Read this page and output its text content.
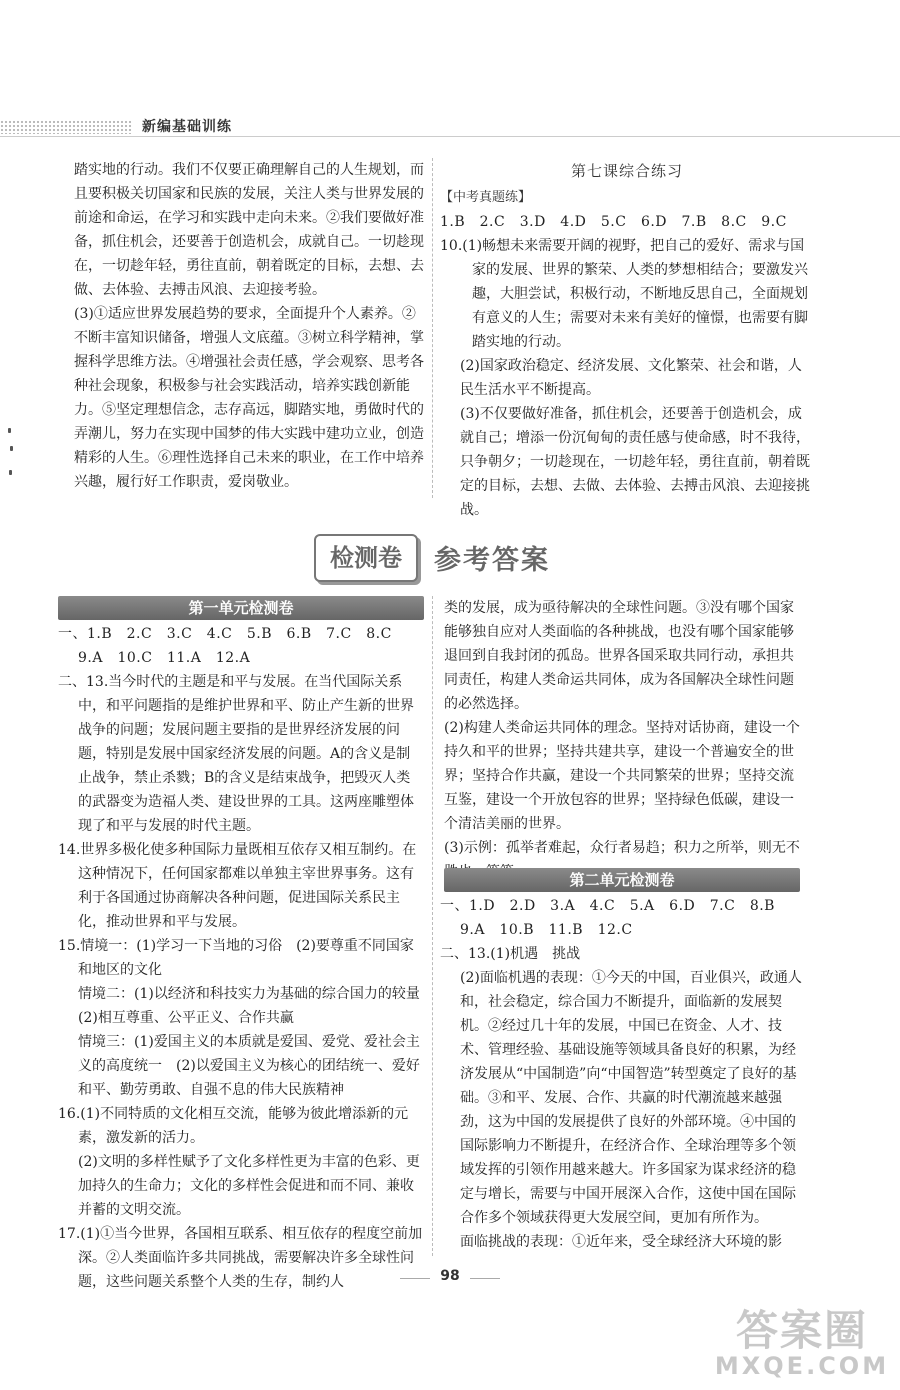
新编基础训练

踏实地的行动。我们不仅要正确理解自己的人生规划，而且要积极关切国家和民族的发展，关注人类与世界发展的前途和命运，在学习和实践中走向未来。②我们要做好准备，抓住机会，还要善于创造机会，成就自己。一切趁现在，一切趁年轻，勇往直前，朝着既定的目标，去想、去做、去体验、去搏击风浪、去迎接考验。

(3)①适应世界发展趋势的要求，全面提升个人素养。②不断丰富知识储备，增强人文底蕴。③树立科学精神，掌握科学思维方法。④增强社会责任感，学会观察、思考各种社会现象，积极参与社会实践活动，培养实践创新能力。⑤坚定理想信念，志存高远，脚踏实地，勇做时代的弄潮儿，努力在实现中国梦的伟大实践中建功立业，创造精彩的人生。⑥理性选择自己未来的职业，在工作中培养兴趣，履行好工作职责，爱岗敬业。

第七课综合练习

【中考真题练】

1.B　2.C　3.D　4.D　5.C　6.D　7.B　8.C　9.C

10.(1)畅想未来需要开阔的视野，把自己的爱好、需求与国家的发展、世界的繁荣、人类的梦想相结合；要激发兴趣，大胆尝试，积极行动，不断地反思自己，全面规划有意义的人生；需要对未来有美好的憧憬，也需要有脚踏实地的行动。

(2)国家政治稳定、经济发展、文化繁荣、社会和谐，人民生活水平不断提高。

(3)不仅要做好准备，抓住机会，还要善于创造机会，成就自己；增添一份沉甸甸的责任感与使命感，时不我待，只争朝夕；一切趁现在，一切趁年轻，勇往直前，朝着既定的目标，去想、去做、去体验、去搏击风浪、去迎接挑战。

检测卷	参考答案
第一单元检测卷

一、1.B　2.C　3.C　4.C　5.B　6.B　7.C　8.C

9.A　10.C　11.A　12.A

二、13.当今时代的主题是和平与发展。在当代国际关系中，和平问题指的是维护世界和平、防止产生新的世界战争的问题；发展问题主要指的是世界经济发展的问题，特别是发展中国家经济发展的问题。A的含义是制止战争，禁止杀戮；B的含义是结束战争，把毁灭人类的武器变为造福人类、建设世界的工具。这两座雕塑体现了和平与发展的时代主题。

14.世界多极化使多种国际力量既相互依存又相互制约。在这种情况下，任何国家都难以单独主宰世界事务。这有利于各国通过协商解决各种问题，促进国际关系民主化，推动世界和平与发展。

15.情境一：(1)学习一下当地的习俗　(2)要尊重不同国家和地区的文化

情境二：(1)以经济和科技实力为基础的综合国力的较量　(2)相互尊重、公平正义、合作共赢

情境三：(1)爱国主义的本质就是爱国、爱党、爱社会主义的高度统一　(2)以爱国主义为核心的团结统一、爱好和平、勤劳勇敢、自强不息的伟大民族精神

16.(1)不同特质的文化相互交流，能够为彼此增添新的元素，激发新的活力。

(2)文明的多样性赋予了文化多样性更为丰富的色彩、更加持久的生命力；文化的多样性会促进和而不同、兼收并蓄的文明交流。

17.(1)①当今世界，各国相互联系、相互依存的程度空前加深。②人类面临许多共同挑战，需要解决许多全球性问题，这些问题关系整个人类的生存，制约人

类的发展，成为亟待解决的全球性问题。③没有哪个国家能够独自应对人类面临的各种挑战，也没有哪个国家能够退回到自我封闭的孤岛。世界各国采取共同行动，承担共同责任，构建人类命运共同体，成为各国解决全球性问题的必然选择。

(2)构建人类命运共同体的理念。坚持对话协商，建设一个持久和平的世界；坚持共建共享，建设一个普遍安全的世界；坚持合作共赢，建设一个共同繁荣的世界；坚持交流互鉴，建设一个开放包容的世界；坚持绿色低碳，建设一个清洁美丽的世界。

(3)示例：孤举者难起，众行者易趋；积力之所举，则无不

第二单元检测卷

一、1.D　2.D　3.A　4.C　5.A　6.D　7.C　8.B

9.A　10.B　11.B　12.C

二、13.(1)机遇　挑战

(2)面临机遇的表现：①今天的中国，百业俱兴，政通人和，社会稳定，综合国力不断提升，面临新的发展契机。②经过几十年的发展，中国已在资金、人才、技术、管理经验、基础设施等领域具备良好的积累，为经济发展从“中国制造”向“中国智造”转型奠定了良好的基础。③和平、发展、合作、共赢的时代潮流越来越强劲，这为中国的发展提供了良好的外部环境。④中国的国际影响力不断提升，在经济合作、全球治理等多个领域发挥的引领作用越来越大。许多国家为谋求经济的稳定与增长，需要与中国开展深入合作，这使中国在国际合作多个领域获得更大发展空间，更加有所作为。

面临挑战的表现：①近年来，受全球经济大环境的影

98
答案圈
MXQE.COM
